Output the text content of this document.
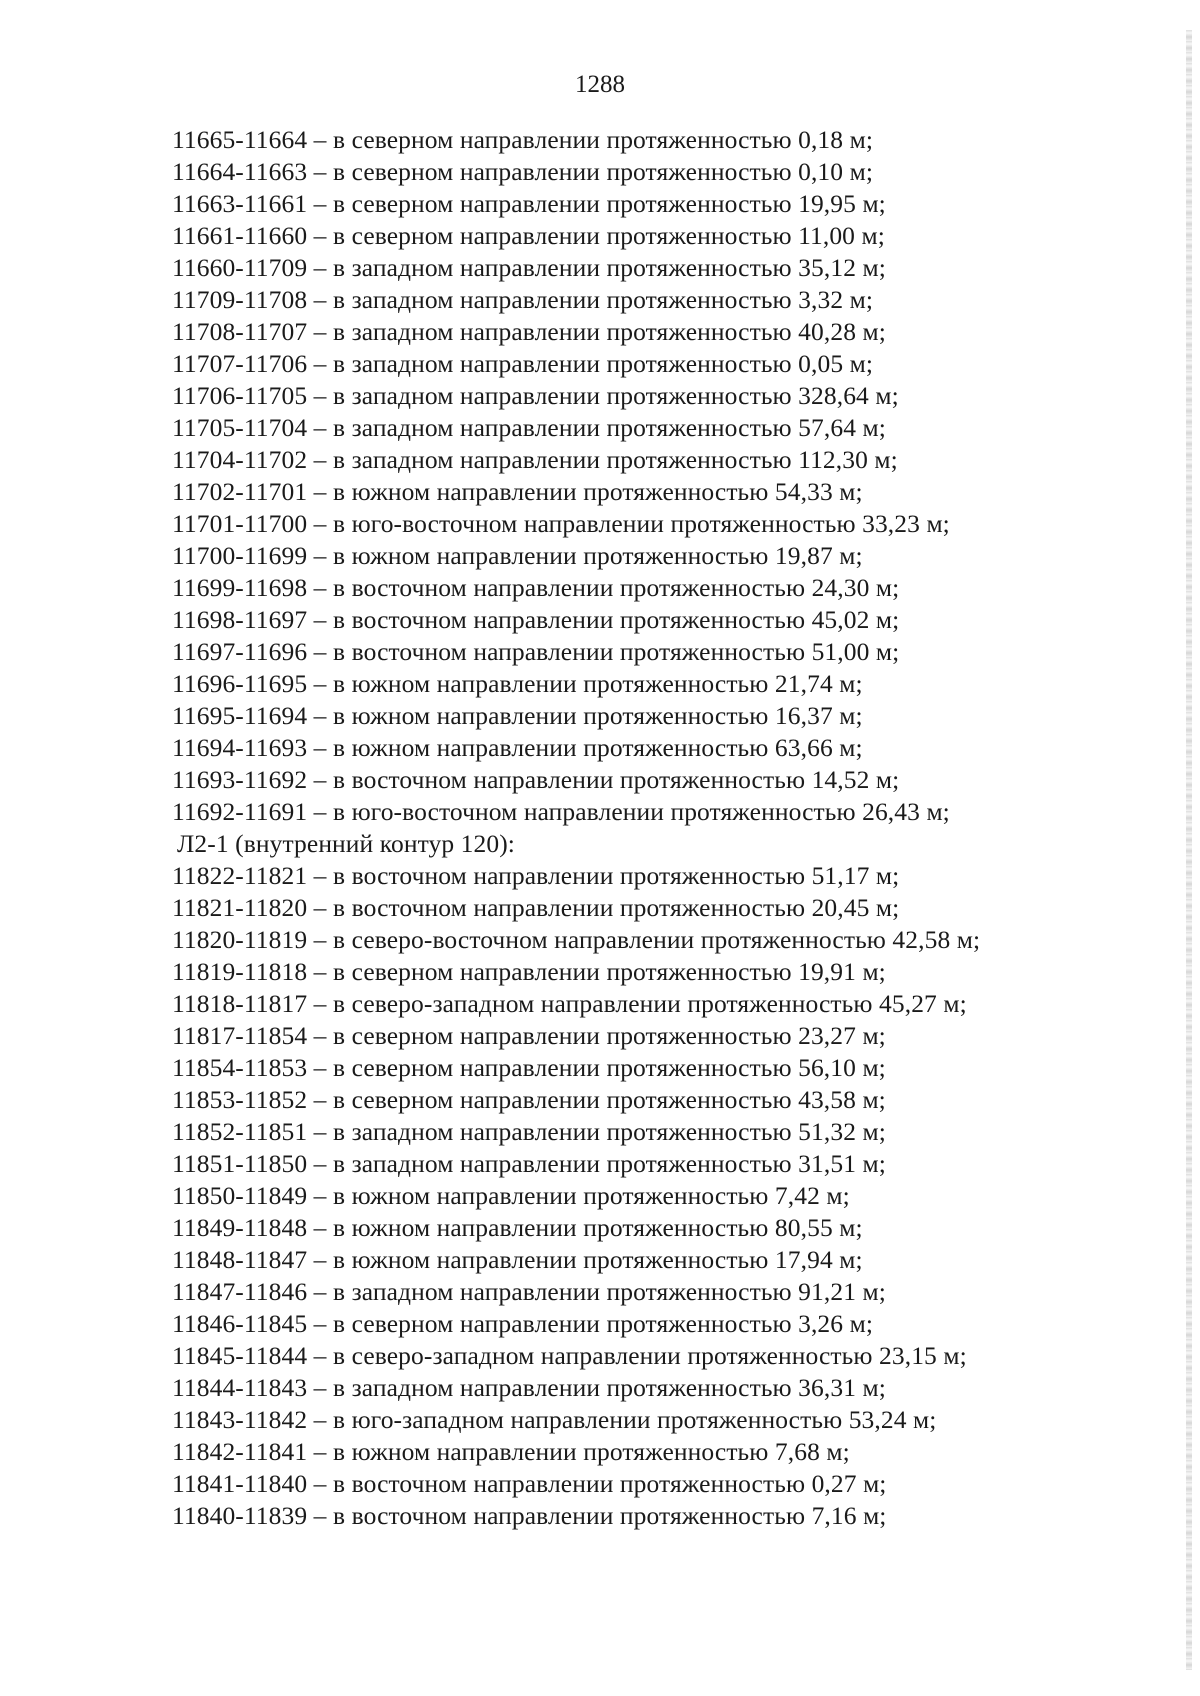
1288
11665-11664 – в северном направлении протяженностью 0,18 м;
11664-11663 – в северном направлении протяженностью 0,10 м;
11663-11661 – в северном направлении протяженностью 19,95 м;
11661-11660 – в северном направлении протяженностью 11,00 м;
11660-11709 – в западном направлении протяженностью 35,12 м;
11709-11708 – в западном направлении протяженностью 3,32 м;
11708-11707 – в западном направлении протяженностью 40,28 м;
11707-11706 – в западном направлении протяженностью 0,05 м;
11706-11705 – в западном направлении протяженностью 328,64 м;
11705-11704 – в западном направлении протяженностью 57,64 м;
11704-11702 – в западном направлении протяженностью 112,30 м;
11702-11701 – в южном направлении протяженностью 54,33 м;
11701-11700 – в юго-восточном направлении протяженностью 33,23 м;
11700-11699 – в южном направлении протяженностью 19,87 м;
11699-11698 – в восточном направлении протяженностью 24,30 м;
11698-11697 – в восточном направлении протяженностью 45,02 м;
11697-11696 – в восточном направлении протяженностью 51,00 м;
11696-11695 – в южном направлении протяженностью 21,74 м;
11695-11694 – в южном направлении протяженностью 16,37 м;
11694-11693 – в южном направлении протяженностью 63,66 м;
11693-11692 – в восточном направлении протяженностью 14,52 м;
11692-11691 – в юго-восточном направлении протяженностью 26,43 м;
Л2-1 (внутренний контур 120):
11822-11821 – в восточном направлении протяженностью 51,17 м;
11821-11820 – в восточном направлении протяженностью 20,45 м;
11820-11819 – в северо-восточном направлении протяженностью 42,58 м;
11819-11818 – в северном направлении протяженностью 19,91 м;
11818-11817 – в северо-западном направлении протяженностью 45,27 м;
11817-11854 – в северном направлении протяженностью 23,27 м;
11854-11853 – в северном направлении протяженностью 56,10 м;
11853-11852 – в северном направлении протяженностью 43,58 м;
11852-11851 – в западном направлении протяженностью 51,32 м;
11851-11850 – в западном направлении протяженностью 31,51 м;
11850-11849 – в южном направлении протяженностью 7,42 м;
11849-11848 – в южном направлении протяженностью 80,55 м;
11848-11847 – в южном направлении протяженностью 17,94 м;
11847-11846 – в западном направлении протяженностью 91,21 м;
11846-11845 – в северном направлении протяженностью 3,26 м;
11845-11844 – в северо-западном направлении протяженностью 23,15 м;
11844-11843 – в западном направлении протяженностью 36,31 м;
11843-11842 – в юго-западном направлении протяженностью 53,24 м;
11842-11841 – в южном направлении протяженностью 7,68 м;
11841-11840 – в восточном направлении протяженностью 0,27 м;
11840-11839 – в восточном направлении протяженностью 7,16 м;
